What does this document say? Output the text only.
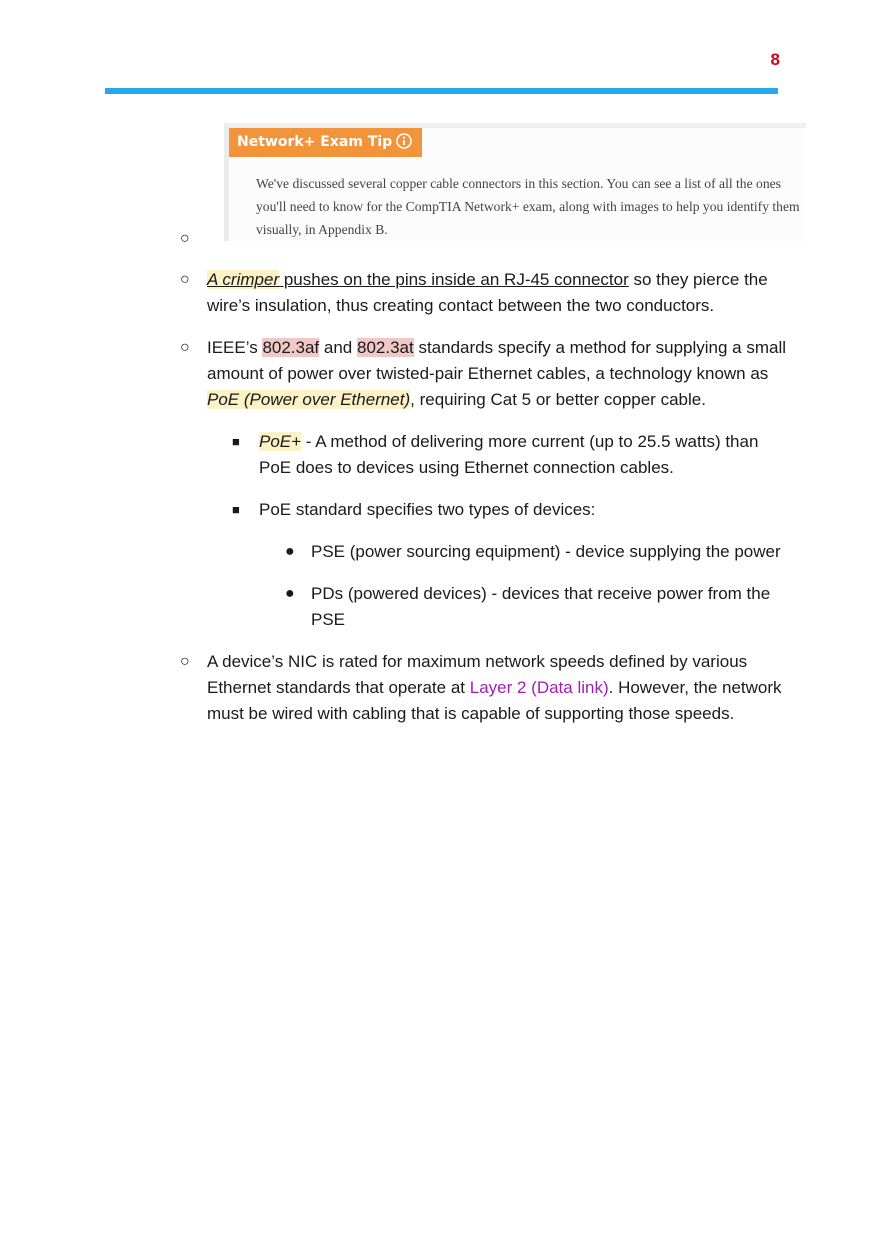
8
Network+ Exam Tip
We've discussed several copper cable connectors in this section. You can see a list of all the ones you'll need to know for the CompTIA Network+ exam, along with images to help you identify them visually, in Appendix B.
○
○ A crimper pushes on the pins inside an RJ-45 connector so they pierce the wire’s insulation, thus creating contact between the two conductors.
○ IEEE’s 802.3af and 802.3at standards specify a method for supplying a small amount of power over twisted-pair Ethernet cables, a technology known as PoE (Power over Ethernet), requiring Cat 5 or better copper cable.
■ PoE+ - A method of delivering more current (up to 25.5 watts) than PoE does to devices using Ethernet connection cables.
■ PoE standard specifies two types of devices:
● PSE (power sourcing equipment) - device supplying the power
● PDs (powered devices) - devices that receive power from the PSE
○ A device’s NIC is rated for maximum network speeds defined by various Ethernet standards that operate at Layer 2 (Data link). However, the network must be wired with cabling that is capable of supporting those speeds.
